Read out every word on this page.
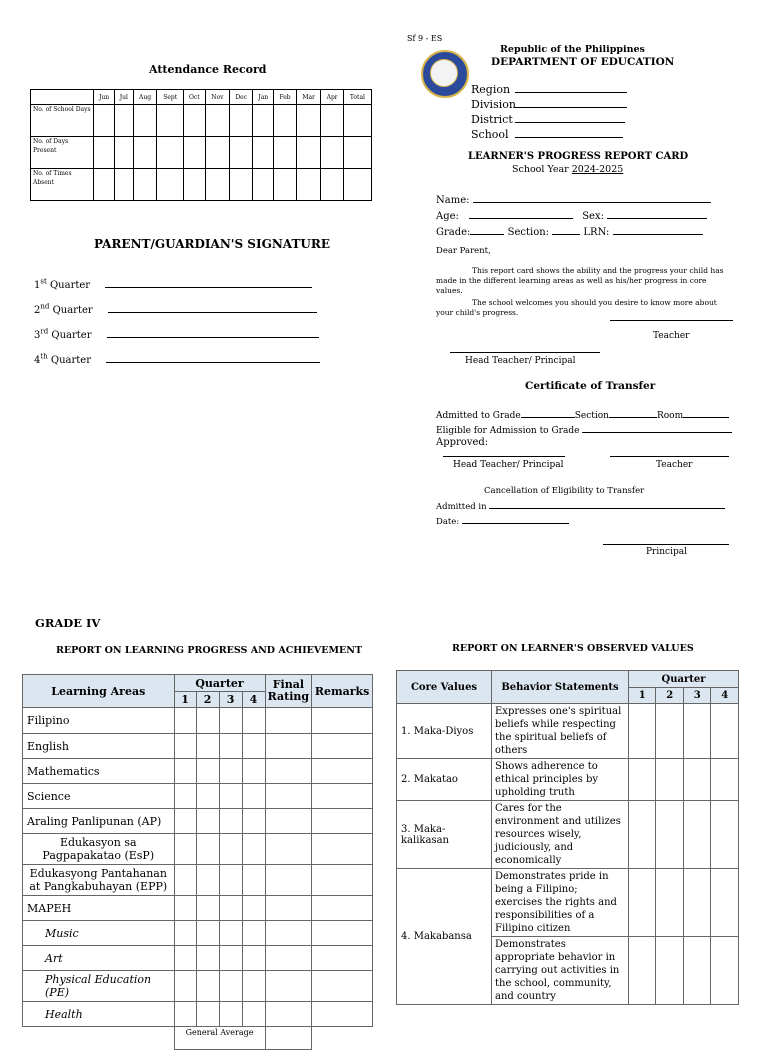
Attendance Record
	Jun	Jul	Aug	Sept	Oct	Nov	Dec	Jan	Feb	Mar	Apr	Total
No. of School Days												
No. of Days Present												
No. of Times Absent												
PARENT/GUARDIAN'S SIGNATURE
1st Quarter
2nd Quarter
3rd Quarter
4th Quarter
Sf 9 - ES
Republic of the Philippines
DEPARTMENT OF EDUCATION
Region
Division
District
School
LEARNER'S PROGRESS REPORT CARD
School Year 2024-2025
Name:
Age:	Sex:
Grade:	Section:	LRN:
Dear Parent,
This report card shows the ability and the progress your child has made in the different learning areas as well as his/her progress in core values.
The school welcomes you should you desire to know more about your child's progress.
Teacher
Head Teacher/ Principal
Certificate of Transfer
Admitted to Grade	Section	Room
Eligible for Admission to Grade
Approved:
Head Teacher/ Principal	Teacher
Cancellation of Eligibility to Transfer
Admitted in
Date:
Principal
GRADE IV
REPORT ON LEARNING PROGRESS AND ACHIEVEMENT
Learning Areas	Quarter				Final Rating	Remarks
	1	2	3	4		
Filipino						
English						
Mathematics						
Science						
Araling Panlipunan (AP)						
Edukasyon sa Pagpapakatao (EsP)						
Edukasyong Pantahanan at Pangkabuhayan (EPP)						
MAPEH						
Music						
Art						
Physical Education (PE)						
Health						
	General Average					
REPORT ON LEARNER'S OBSERVED VALUES
Core Values	Behavior Statements	Quarter			
		1	2	3	4
1. Maka-Diyos	Expresses one's spiritual beliefs while respecting the spiritual beliefs of others				
2. Makatao	Shows adherence to ethical principles by upholding truth				
3. Maka-kalikasan	Cares for the environment and utilizes resources wisely, judiciously, and economically				
4. Makabansa	Demonstrates pride in being a Filipino; exercises the rights and responsibilities of a Filipino citizen				
	Demonstrates appropriate behavior in carrying out activities in the school, community, and country				
